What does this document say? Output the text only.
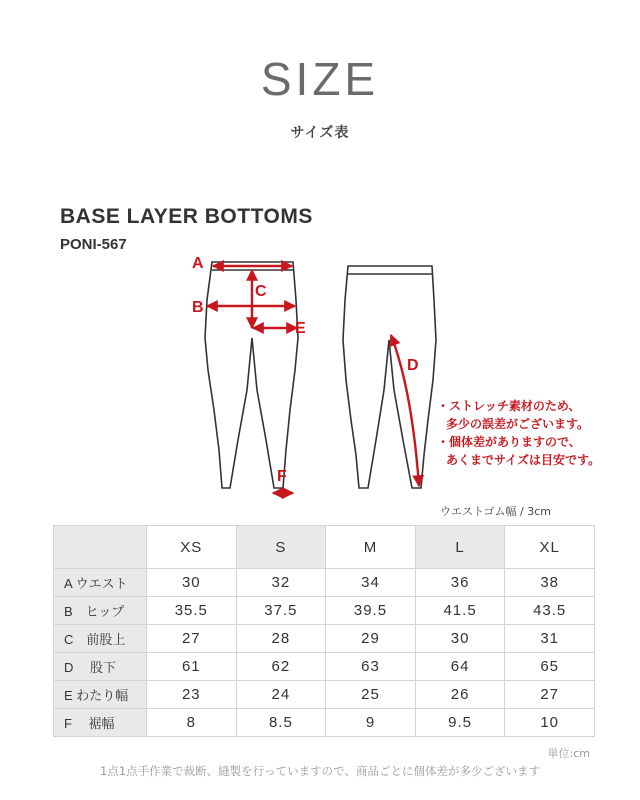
SIZE
サイズ表
BASE LAYER BOTTOMS
PONI-567
A
B
C
D
E
F
・ストレッチ素材のため、
多少の誤差がございます。
・個体差がありますので、
あくまでサイズは目安です。
ウエストゴム幅 / 3cm
	XS	S	M	L	XL
A ウエスト	30	32	34	36	38
B　ヒップ	35.5	37.5	39.5	41.5	43.5
C　前股上	27	28	29	30	31
D　 股下	61	62	63	64	65
E わたり幅	23	24	25	26	27
F　 裾幅	8	8.5	9	9.5	10
単位:cm
1点1点手作業で裁断、縫製を行っていますので、商品ごとに個体差が多少ございます
